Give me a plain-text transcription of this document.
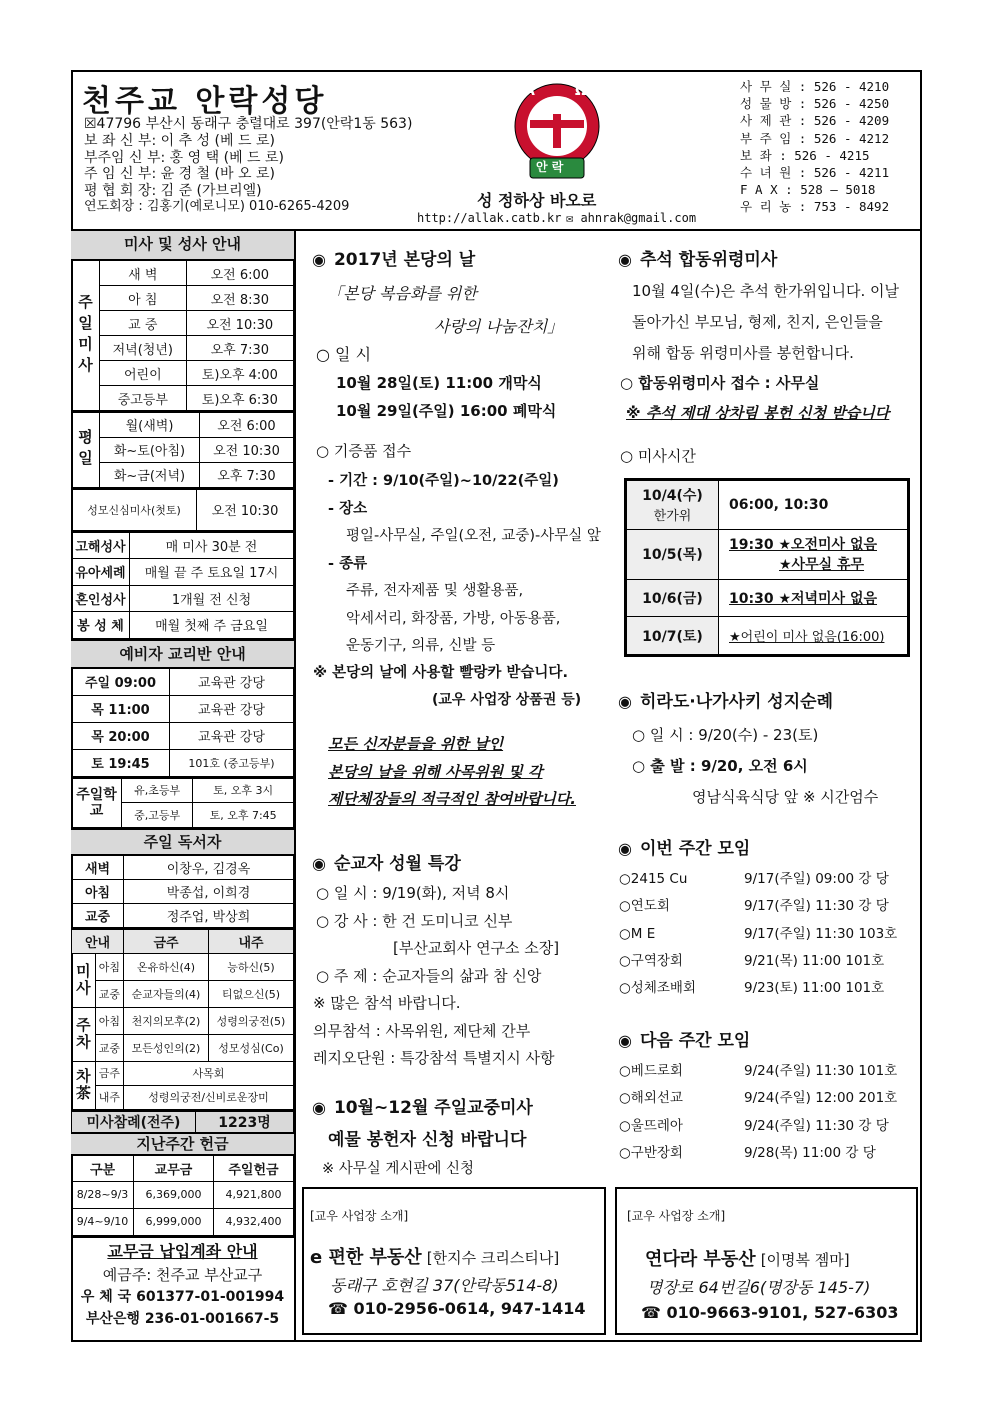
천주교 안락성당
☒47796 부산시 동래구 충렬대로 397(안락1동 563)
보 좌 신 부: 이 추 성 (베 드 로)
부주임 신 부: 홍 영 택 (베 드 로)
주 임 신 부: 윤 경 철 (바 오 로)
평 협 회 장: 김 준 (가브리엘)
연도회장 : 김홍기(예로니모) 010-6265-4209
A	Ω
안 락
성 정하상 바오로
http://allak.catb.kr ✉ ahnrak@gmail.com
사 무 실 : 526 - 4210
성 물 방 : 526 - 4250
사 제 관 : 526 - 4209
부 주 임 : 526 - 4212
보 좌 : 526 - 4215
수 녀 원 : 526 - 4211
F A X : 528 – 5018
우 리 농 : 753 - 8492
미사 및 성사 안내
주일미사	새 벽	오전 6:00
	아 침	오전 8:30
	교 중	오전 10:30
	저녁(청년)	오후 7:30
	어린이	토)오후 4:00
	중고등부	토)오후 6:30
평일	월(새벽)	오전 6:00
	화~토(아침)	오전 10:30
	화~금(저녁)	오후 7:30
성모신심미사(첫토)	오전 10:30
고해성사	매 미사 30분 전
유아세례	매월 끝 주 토요일 17시
혼인성사	1개월 전 신청
봉 성 체	매월 첫째 주 금요일
예비자 교리반 안내
주일 09:00	교육관 강당
목 11:00	교육관 강당
목 20:00	교육관 강당
토 19:45	101호 (중고등부)
주일학교	유,초등부	토, 오후 3시
	중,고등부	토, 오후 7:45
주일 독서자
새벽	이창우, 김경옥
아침	박종섭, 이희경
교중	정주업, 박상희
안내		금주	내주
미사	아침	온유하신(4)	능하신(5)
	교중	순교자들의(4)	티없으신(5)
주차	아침	천지의모후(2)	성령의궁전(5)
	교중	모든성인의(2)	성모성심(Co)
차茶	금주	사목회	
	내주	성령의궁전/신비로운장미	
미사참례(전주)	1223명
지난주간 헌금
구분	교무금	주일헌금
8/28~9/3	6,369,000	4,921,800
9/4~9/10	6,999,000	4,932,400
교무금 납입계좌 안내
예금주: 천주교 부산교구
우 체 국 601377-01-001994
부산은행 236-01-001667-5
◉ 2017년 본당의 날
「본당 복음화를 위한
사랑의 나눔잔치」
○ 일 시
10월 28일(토) 11:00 개막식
10월 29일(주일) 16:00 폐막식
○ 기증품 접수
- 기간 : 9/10(주일)~10/22(주일)
- 장소
평일-사무실, 주일(오전, 교중)-사무실 앞
- 종류
주류, 전자제품 및 생활용품,
악세서리, 화장품, 가방, 아동용품,
운동기구, 의류, 신발 등
※ 본당의 날에 사용할 빨랑카 받습니다.
(교우 사업장 상품권 등)
모든 신자분들을 위한 날인
본당의 날을 위해 사목위원 및 각
제단체장들의 적극적인 참여바랍니다.
◉ 순교자 성월 특강
○ 일 시 : 9/19(화), 저녁 8시
○ 강 사 : 한 건 도미니코 신부
[부산교회사 연구소 소장]
○ 주 제 : 순교자들의 삶과 참 신앙
※ 많은 참석 바랍니다.
의무참석 : 사목위원, 제단체 간부
레지오단원 : 특강참석 특별지시 사항
◉ 10월~12월 주일교중미사
예물 봉헌자 신청 바랍니다
※ 사무실 게시판에 신청
[교우 사업장 소개]
e 편한 부동산 [한지수 크리스티나]
동래구 호현길 37(안락동514-8)
☎ 010-2956-0614, 947-1414
◉ 추석 합동위령미사
10월 4일(수)은 추석 한가위입니다. 이날
돌아가신 부모님, 형제, 친지, 은인들을
위해 합동 위령미사를 봉헌합니다.
○ 합동위령미사 접수 : 사무실
※ 추석 제대 상차림 봉헌 신청 받습니다
○ 미사시간
10/4(수)
한가위	06:00, 10:30
10/5(목)	19:30 ★오전미사 없음
★사무실 휴무

10/6(금)	10:30 ★저녁미사 없음
10/7(토)	★어린이 미사 없음(16:00)
◉ 히라도·나가사키 성지순례
○ 일 시 : 9/20(수) - 23(토)
○ 출 발 : 9/20, 오전 6시
영남식육식당 앞 ※ 시간엄수
◉ 이번 주간 모임
○2415 Cu	9/17(주일) 09:00 강 당
○연도회	9/17(주일) 11:30 강 당
○M E	9/17(주일) 11:30 103호
○구역장회	9/21(목) 11:00 101호
○성체조배회	9/23(토) 11:00 101호
◉ 다음 주간 모임
○베드로회	9/24(주일) 11:30 101호
○해외선교	9/24(주일) 12:00 201호
○울뜨레아	9/24(주일) 11:30 강 당
○구반장회	9/28(목) 11:00 강 당
[교우 사업장 소개]
연다라 부동산 [이명복 젬마]
명장로 64번길6(명장동 145-7)
☎ 010-9663-9101, 527-6303
